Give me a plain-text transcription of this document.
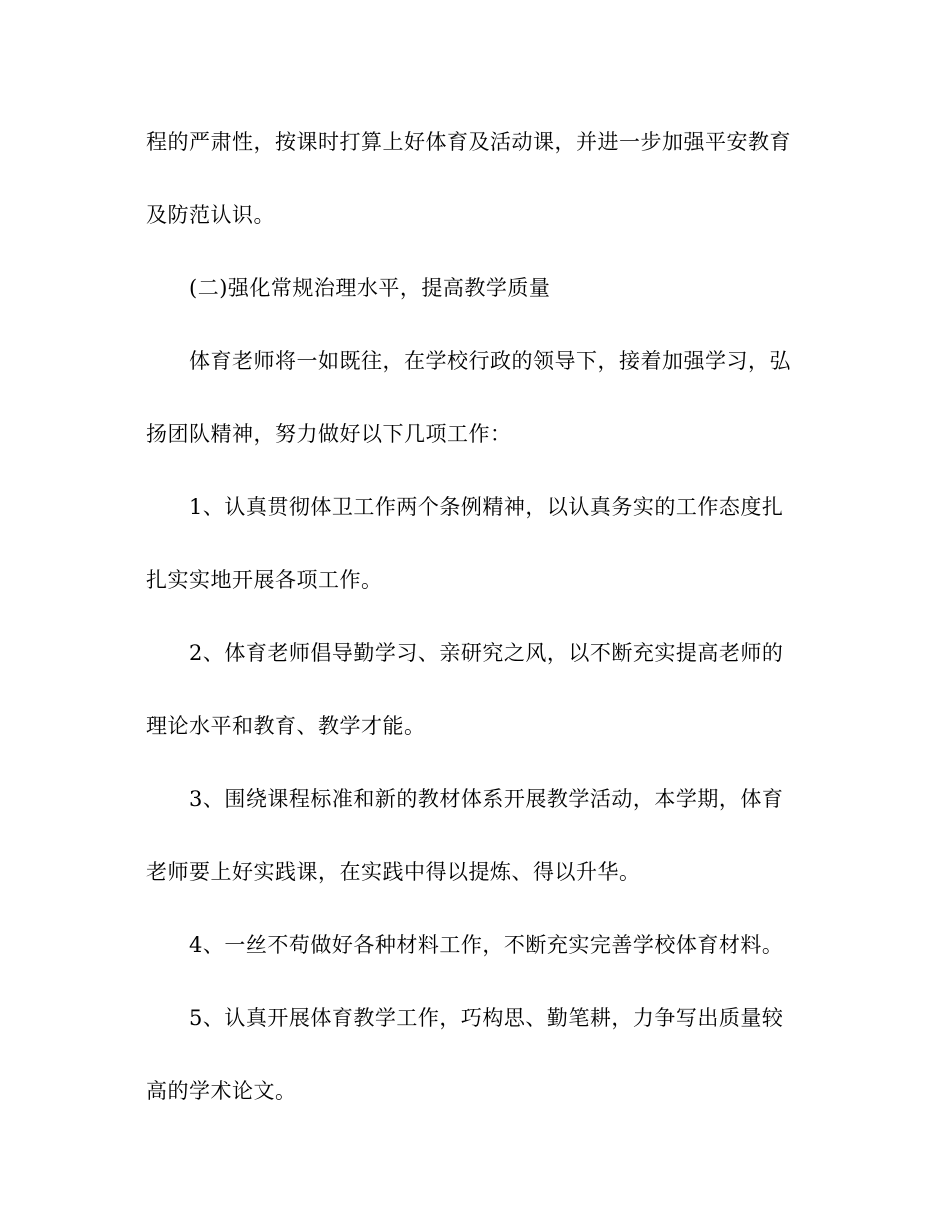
程的严肃性，按课时打算上好体育及活动课，并进一步加强平安教育
及防范认识。
(二)强化常规治理水平，提高教学质量
体育老师将一如既往，在学校行政的领导下，接着加强学习，弘
扬团队精神，努力做好以下几项工作：
1、认真贯彻体卫工作两个条例精神，以认真务实的工作态度扎
扎实实地开展各项工作。
2、体育老师倡导勤学习、亲研究之风，以不断充实提高老师的
理论水平和教育、教学才能。
3、围绕课程标准和新的教材体系开展教学活动，本学期，体育
老师要上好实践课，在实践中得以提炼、得以升华。
4、一丝不苟做好各种材料工作，不断充实完善学校体育材料。
5、认真开展体育教学工作，巧构思、勤笔耕，力争写出质量较
高的学术论文。
